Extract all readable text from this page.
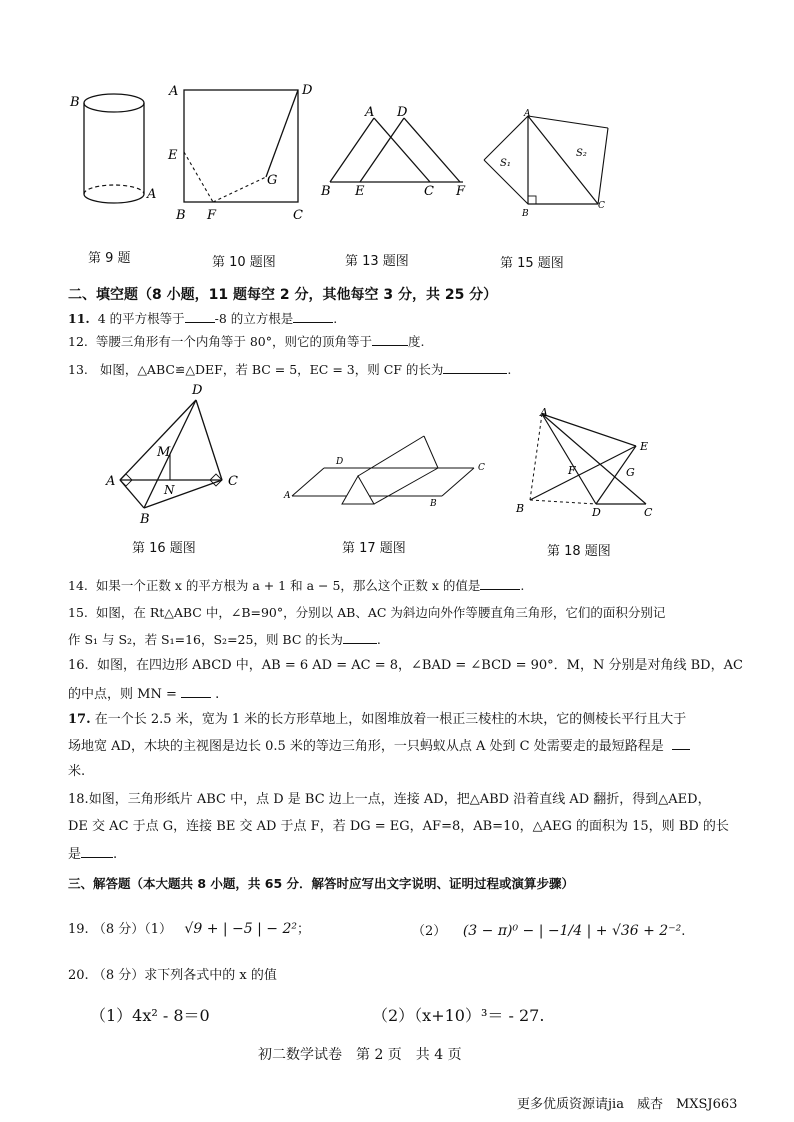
B
A
A	D
E
G
B F	C
A D
B E	C F
A
S₁
S₂
B
C
第 9 题	第 10 题图	第 13 题图	第 15 题图
二、填空题（8 小题，11 题每空 2 分，其他每空 3 分，共 25 分）
11. 4 的平方根等于 -8 的立方根是	.
12. 等腰三角形有一个内角等于 80°，则它的顶角等于	度.
13. 如图，△ABC≌△DEF，若 BC = 5，EC = 3，则 CF 的长为	.
D
M
A
N
C
B
D
C
A
B
A
E
F	G
B	D	C
第 16 题图	第 17 题图	第 18 题图
14. 如果一个正数 x 的平方根为 a + 1 和 a − 5，那么这个正数 x 的值是	.
15. 如图，在 Rt△ABC 中，∠B=90°，分别以 AB、AC 为斜边向外作等腰直角三角形，它们的面积分别记
作 S₁ 与 S₂，若 S₁=16，S₂=25，则 BC 的长为	.
16. 如图，在四边形 ABCD 中，AB = 6 AD = AC = 8，∠BAD = ∠BCD = 90°．M，N 分别是对角线 BD，AC
的中点，则 MN =	.
17. 在一个长 2.5 米，宽为 1 米的长方形草地上，如图堆放着一根正三棱柱的木块，它的侧棱长平行且大于
场地宽 AD，木块的主视图是边长 0.5 米的等边三角形，一只蚂蚁从点 A 处到 C 处需要走的最短路程是
米.
18.如图，三角形纸片 ABC 中，点 D 是 BC 边上一点，连接 AD，把△ABD 沿着直线 AD 翻折，得到△AED，
DE 交 AC 于点 G，连接 BE 交 AD 于点 F，若 DG = EG，AF=8，AB=10，△AEG 的面积为 15，则 BD 的长
是 .
三、解答题（本大题共 8 小题，共 65 分．解答时应写出文字说明、证明过程或演算步骤）
19. （8 分）（1） √9 + | −5 | − 2²；	（2） (3 − π)⁰ − | −1/4 | + √36 + 2⁻².
20. （8 分）求下列各式中的 x 的值
（1）4x² - 8＝0	（2）（x+10）³＝ - 27.
初二数学试卷　第 2 页　共 4 页
更多优质资源请jia　威杏　MXSJ663
